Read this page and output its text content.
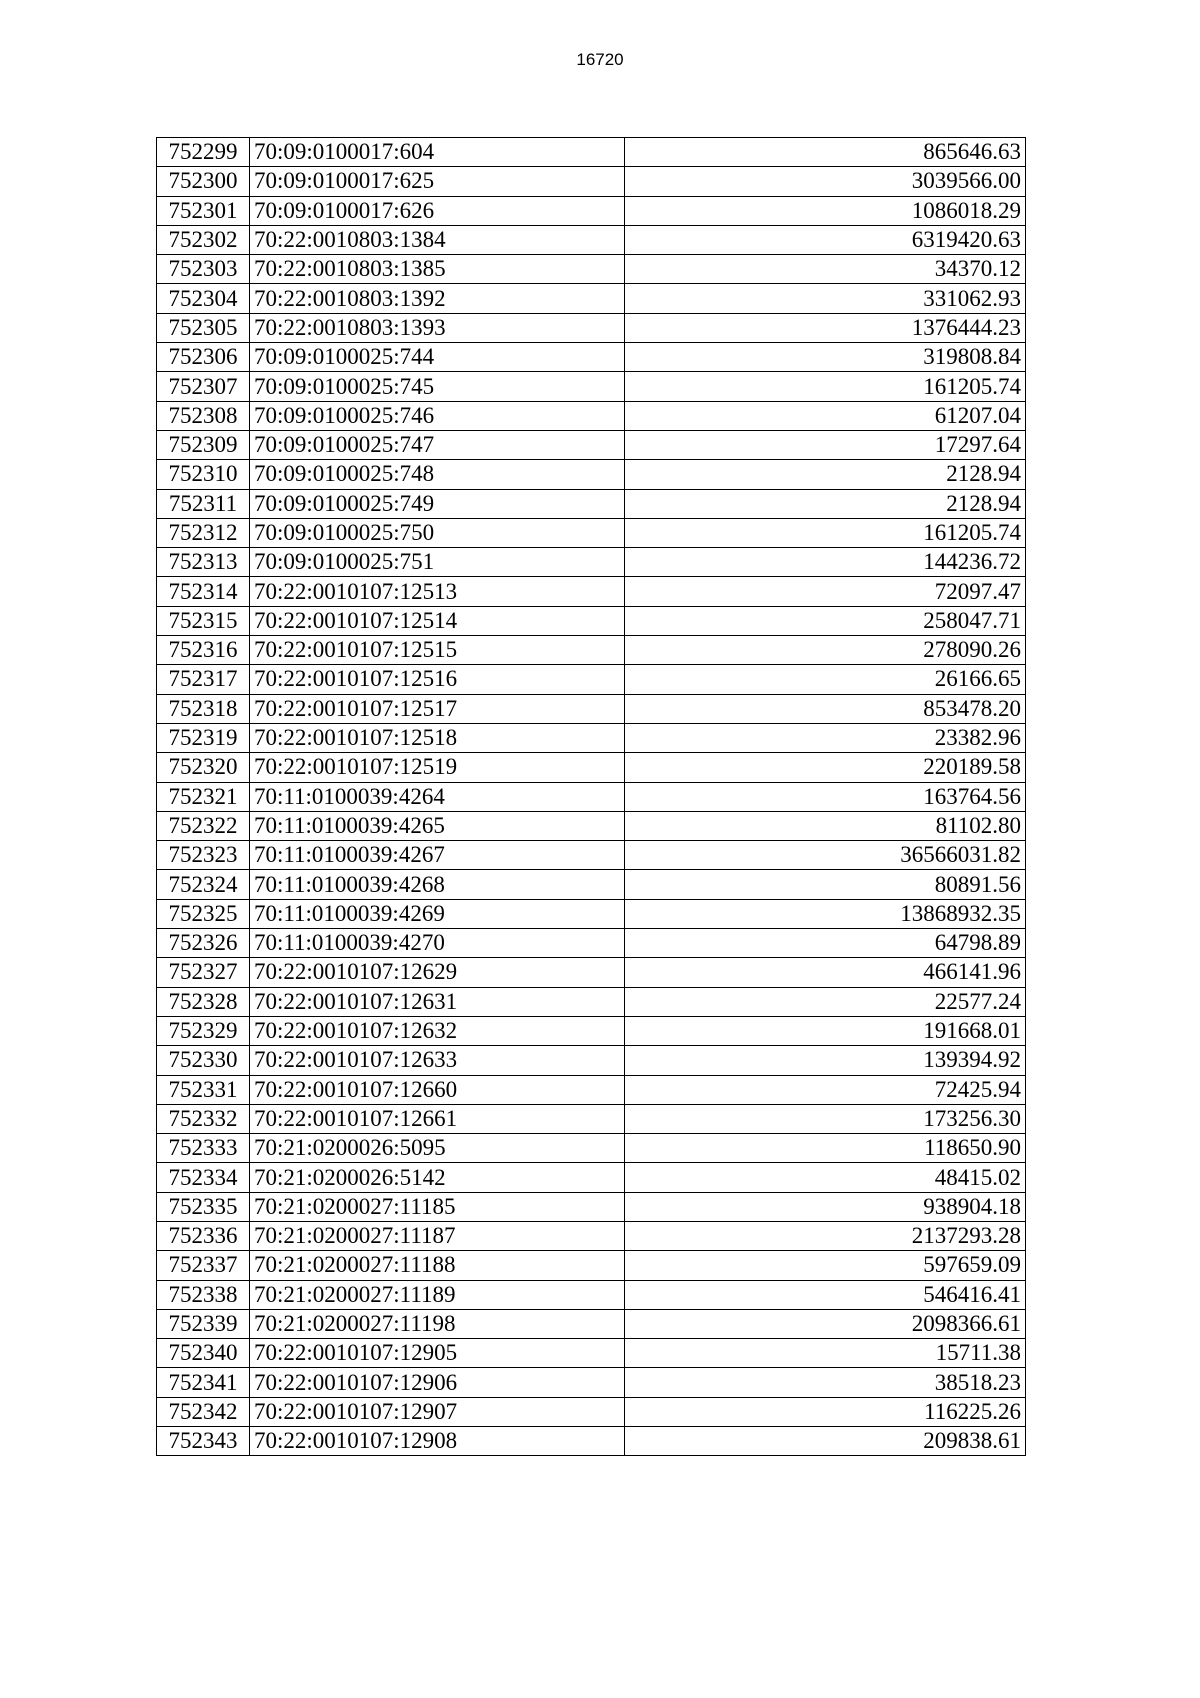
16720
752299	70:09:0100017:604	865646.63
752300	70:09:0100017:625	3039566.00
752301	70:09:0100017:626	1086018.29
752302	70:22:0010803:1384	6319420.63
752303	70:22:0010803:1385	34370.12
752304	70:22:0010803:1392	331062.93
752305	70:22:0010803:1393	1376444.23
752306	70:09:0100025:744	319808.84
752307	70:09:0100025:745	161205.74
752308	70:09:0100025:746	61207.04
752309	70:09:0100025:747	17297.64
752310	70:09:0100025:748	2128.94
752311	70:09:0100025:749	2128.94
752312	70:09:0100025:750	161205.74
752313	70:09:0100025:751	144236.72
752314	70:22:0010107:12513	72097.47
752315	70:22:0010107:12514	258047.71
752316	70:22:0010107:12515	278090.26
752317	70:22:0010107:12516	26166.65
752318	70:22:0010107:12517	853478.20
752319	70:22:0010107:12518	23382.96
752320	70:22:0010107:12519	220189.58
752321	70:11:0100039:4264	163764.56
752322	70:11:0100039:4265	81102.80
752323	70:11:0100039:4267	36566031.82
752324	70:11:0100039:4268	80891.56
752325	70:11:0100039:4269	13868932.35
752326	70:11:0100039:4270	64798.89
752327	70:22:0010107:12629	466141.96
752328	70:22:0010107:12631	22577.24
752329	70:22:0010107:12632	191668.01
752330	70:22:0010107:12633	139394.92
752331	70:22:0010107:12660	72425.94
752332	70:22:0010107:12661	173256.30
752333	70:21:0200026:5095	118650.90
752334	70:21:0200026:5142	48415.02
752335	70:21:0200027:11185	938904.18
752336	70:21:0200027:11187	2137293.28
752337	70:21:0200027:11188	597659.09
752338	70:21:0200027:11189	546416.41
752339	70:21:0200027:11198	2098366.61
752340	70:22:0010107:12905	15711.38
752341	70:22:0010107:12906	38518.23
752342	70:22:0010107:12907	116225.26
752343	70:22:0010107:12908	209838.61
